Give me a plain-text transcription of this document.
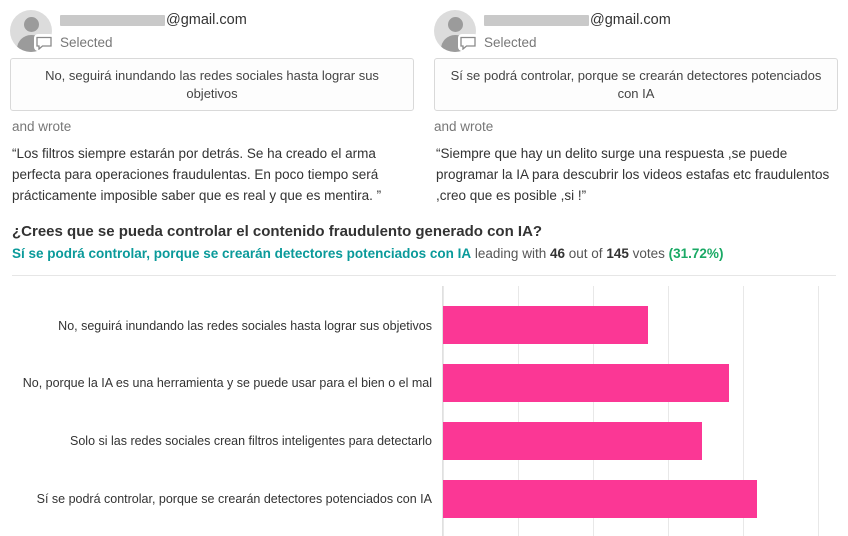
@gmail.com
Selected
No, seguirá inundando las redes sociales hasta lograr sus objetivos
and wrote
“Los filtros siempre estarán por detrás. Se ha creado el arma perfecta para operaciones fraudulentas. En poco tiempo será prácticamente imposible saber que es real y que es mentira. ”
@gmail.com
Selected
Sí se podrá controlar, porque se crearán detectores potenciados con IA
and wrote
“Siempre que hay un delito surge una respuesta ,se puede programar la IA para descubrir los videos estafas etc fraudulentos ,creo que es posible ,si !”
¿Crees que se pueda controlar el contenido fraudulento generado con IA?
Sí se podrá controlar, porque se crearán detectores potenciados con IA leading with 46 out of 145 votes (31.72%)
No, seguirá inundando las redes sociales hasta lograr sus objetivos
No, porque la IA es una herramienta y se puede usar para el bien o el mal
Solo si las redes sociales crean filtros inteligentes para detectarlo
Sí se podrá controlar, porque se crearán detectores potenciados con IA
